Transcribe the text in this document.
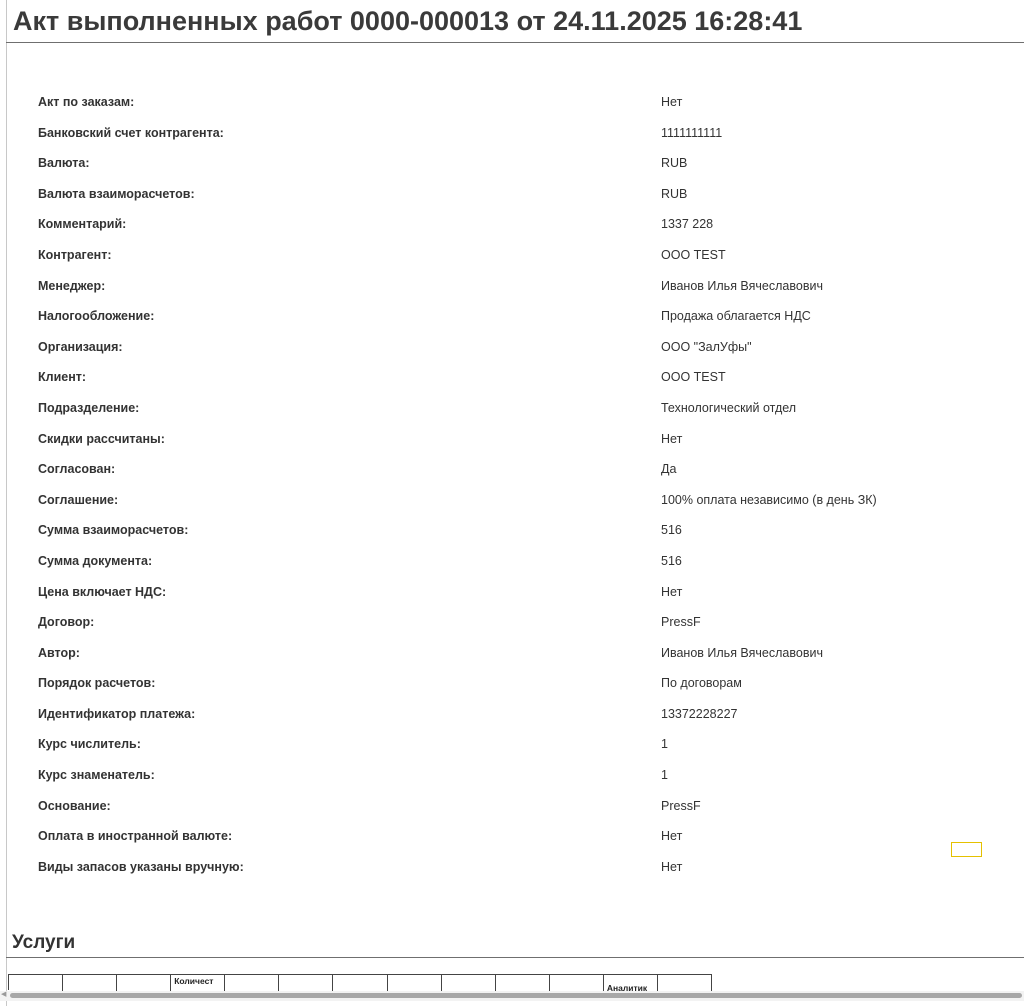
Акт выполненных работ 0000-000013 от 24.11.2025 16:28:41
Акт по заказам:	Нет
Банковский счет контрагента:	1111111111
Валюта:	RUB
Валюта взаиморасчетов:	RUB
Комментарий:	1337 228
Контрагент:	ООО TEST
Менеджер:	Иванов Илья Вячеславович
Налогообложение:	Продажа облагается НДС
Организация:	ООО "ЗалУфы"
Клиент:	ООО TEST
Подразделение:	Технологический отдел
Скидки рассчитаны:	Нет
Согласован:	Да
Соглашение:	100% оплата независимо (в день ЗК)
Сумма взаиморасчетов:	516
Сумма документа:	516
Цена включает НДС:	Нет
Договор:	PressF
Автор:	Иванов Илья Вячеславович
Порядок расчетов:	По договорам
Идентификатор платежа:	13372228227
Курс числитель:	1
Курс знаменатель:	1
Основание:	PressF
Оплата в иностранной валюте:	Нет
Виды запасов указаны вручную:	Нет
Услуги
Количест
Аналитик
◀
